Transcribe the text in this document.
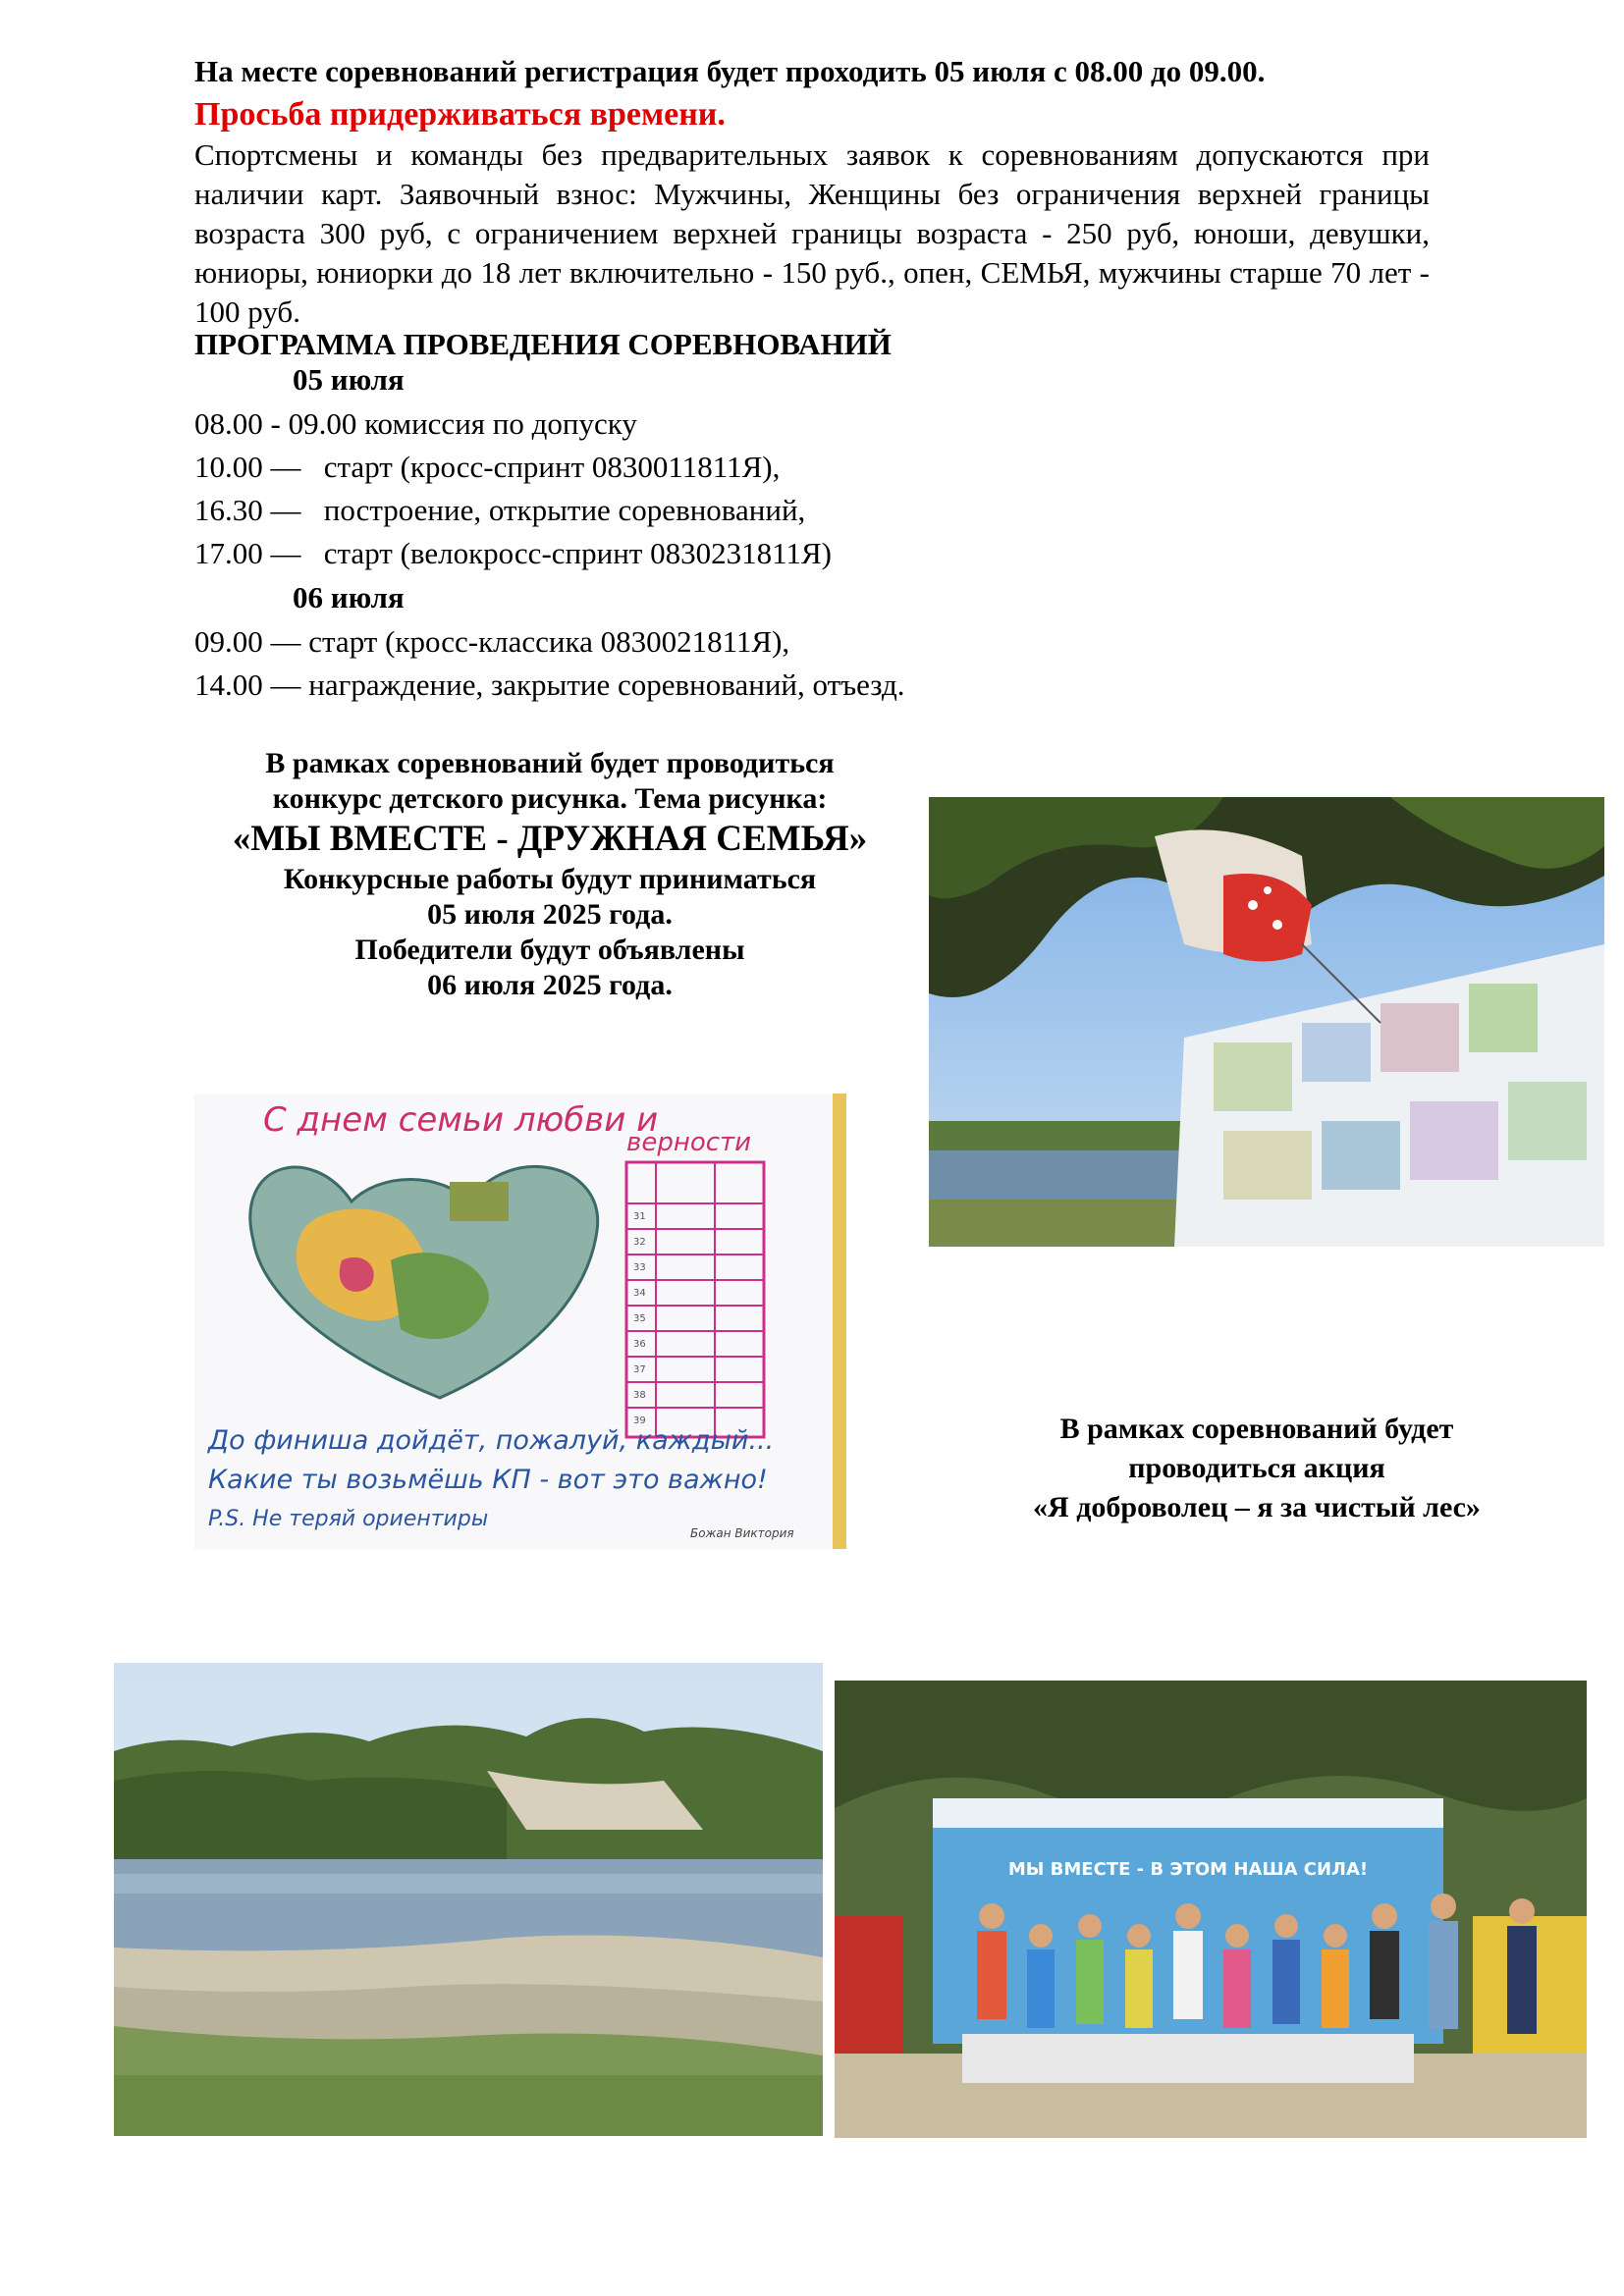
На месте соревнований регистрация будет проходить 05 июля с 08.00 до 09.00.
Просьба придерживаться времени.
Спортсмены и команды без предварительных заявок к соревнованиям допускаются при наличии карт. Заявочный взнос: Мужчины, Женщины без ограничения верхней границы возраста 300 руб, с ограничением верхней границы возраста - 250 руб, юноши, девушки, юниоры, юниорки до 18 лет включительно - 150 руб., опен, СЕМЬЯ, мужчины старше 70 лет - 100 руб.
ПРОГРАММА ПРОВЕДЕНИЯ СОРЕВНОВАНИЙ
05 июля
08.00 - 09.00 комиссия по допуску
10.00 —   старт (кросс-спринт 0830011811Я),
16.30 —   построение, открытие соревнований,
17.00 —   старт (велокросс-спринт 0830231811Я)
06 июля
09.00 — старт (кросс-классика 0830021811Я),
14.00 — награждение, закрытие соревнований, отъезд.
В рамках соревнований будет проводиться
конкурс детского рисунка. Тема рисунка:
«МЫ ВМЕСТЕ - ДРУЖНАЯ СЕМЬЯ»
Конкурсные работы будут приниматься
05 июля 2025 года.
Победители будут объявлены
06 июля 2025 года.
31
32
33
34
35
36
37
38
39
С днем семьи любви и
верности
До финиша дойдёт, пожалуй, каждый...
Какие ты возьмёшь КП - вот это важно!
P.S. Не теряй ориентиры
Божан Виктория
В рамках соревнований будет
проводиться акция
«Я доброволец – я за чистый лес»
МЫ ВМЕСТЕ - В ЭТОМ НАША СИЛА!
